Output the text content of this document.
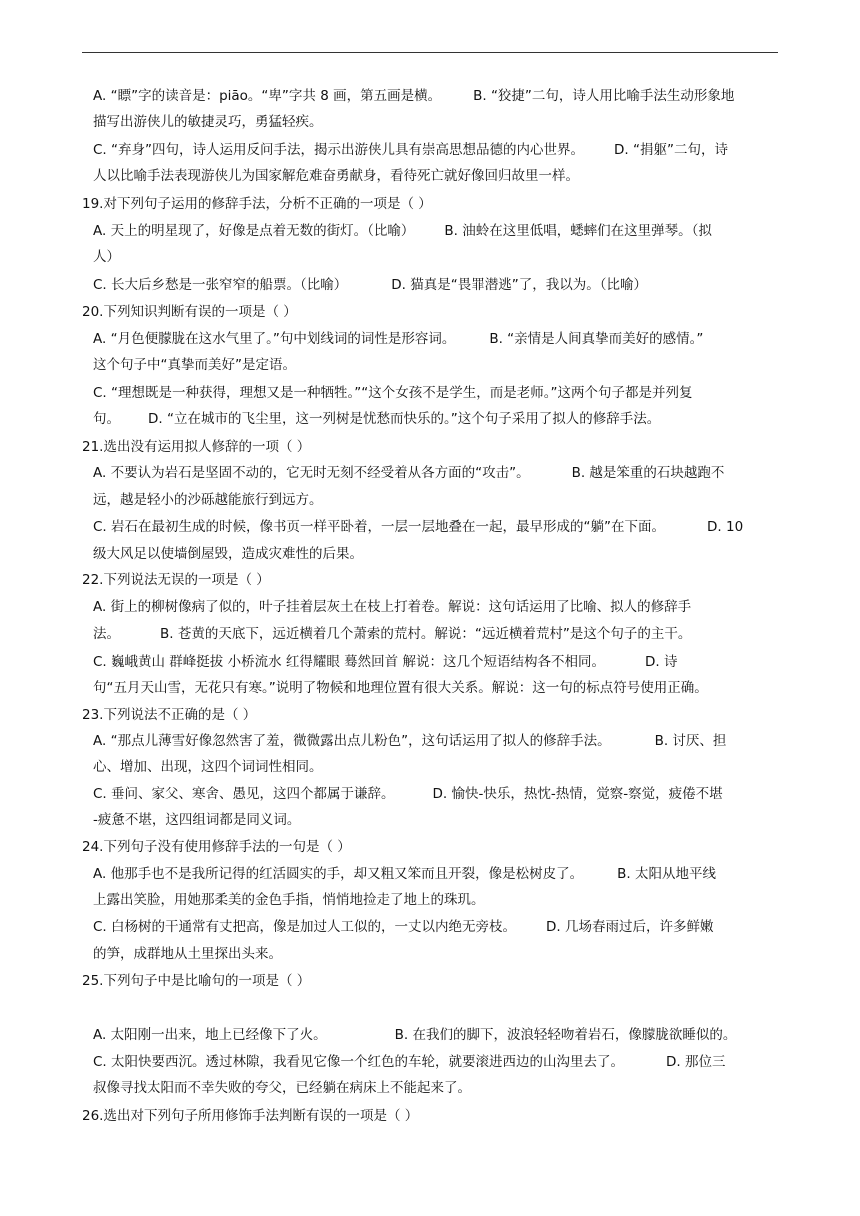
A. “瞟”字的读音是：piāo。“卑”字共 8 画，第五画是横。 B. “狡捷”二句，诗人用比喻手法生动形象地
描写出游侠儿的敏捷灵巧，勇猛轻疾。
C. “弃身”四句，诗人运用反问手法，揭示出游侠儿具有崇高思想品德的内心世界。 D. “捐躯”二句，诗
人以比喻手法表现游侠儿为国家解危难奋勇献身，看待死亡就好像回归故里一样。
19.对下列句子运用的修辞手法，分析不正确的一项是（ ）
A. 天上的明星现了，好像是点着无数的街灯。（比喻） B. 油蛉在这里低唱，蟋蟀们在这里弹琴。（拟
人）
C. 长大后乡愁是一张窄窄的船票。（比喻）	D. 猫真是“畏罪潜逃”了，我以为。（比喻）
20.下列知识判断有误的一项是（ ）
A. “月色便朦胧在这水气里了。”句中划线词的词性是形容词。	B. “亲情是人间真挚而美好的感情。”
这个句子中“真挚而美好”是定语。
C. “理想既是一种获得，理想又是一种牺牲。”“这个女孩不是学生，而是老师。”这两个句子都是并列复
句。 D. “立在城市的飞尘里，这一列树是忧愁而快乐的。”这个句子采用了拟人的修辞手法。
21.选出没有运用拟人修辞的一项（ ）
A. 不要认为岩石是坚固不动的，它无时无刻不经受着从各方面的“攻击”。	B. 越是笨重的石块越跑不
远，越是轻小的沙砾越能旅行到远方。
C. 岩石在最初生成的时候，像书页一样平卧着，一层一层地叠在一起，最早形成的“躺”在下面。	D. 10
级大风足以使墙倒屋毁，造成灾难性的后果。
22.下列说法无误的一项是（ ）
A. 街上的柳树像病了似的，叶子挂着层灰土在枝上打着卷。解说：这句话运用了比喻、拟人的修辞手
法。	B. 苍黄的天底下，远近横着几个萧索的荒村。解说：“远近横着荒村”是这个句子的主干。
C. 巍峨黄山 群峰挺拔 小桥流水 红得耀眼 蓦然回首 解说：这几个短语结构各不相同。	D. 诗
句“五月天山雪，无花只有寒。”说明了物候和地理位置有很大关系。解说：这一句的标点符号使用正确。
23.下列说法不正确的是（ ）
A. “那点儿薄雪好像忽然害了羞，微微露出点儿粉色”，这句话运用了拟人的修辞手法。	B. 讨厌、担
心、增加、出现，这四个词词性相同。
C. 垂问、家父、寒舍、愚见，这四个都属于谦辞。	D. 愉快-快乐，热忱-热情，觉察-察觉，疲倦不堪
-疲惫不堪，这四组词都是同义词。
24.下列句子没有使用修辞手法的一句是（ ）
A. 他那手也不是我所记得的红活圆实的手，却又粗又笨而且开裂，像是松树皮了。	B. 太阳从地平线
上露出笑脸，用她那柔美的金色手指，悄悄地捡走了地上的珠玑。
C. 白杨树的干通常有丈把高，像是加过人工似的，一丈以内绝无旁枝。 D. 几场春雨过后，许多鲜嫩
的笋，成群地从土里探出头来。
25.下列句子中是比喻句的一项是（ ）
A. 太阳刚一出来，地上已经像下了火。	B. 在我们的脚下，波浪轻轻吻着岩石，像朦胧欲睡似的。
C. 太阳快要西沉。透过林隙，我看见它像一个红色的车轮，就要滚进西边的山沟里去了。	D. 那位三
叔像寻找太阳而不幸失败的夸父，已经躺在病床上不能起来了。
26.选出对下列句子所用修饰手法判断有误的一项是（ ）
